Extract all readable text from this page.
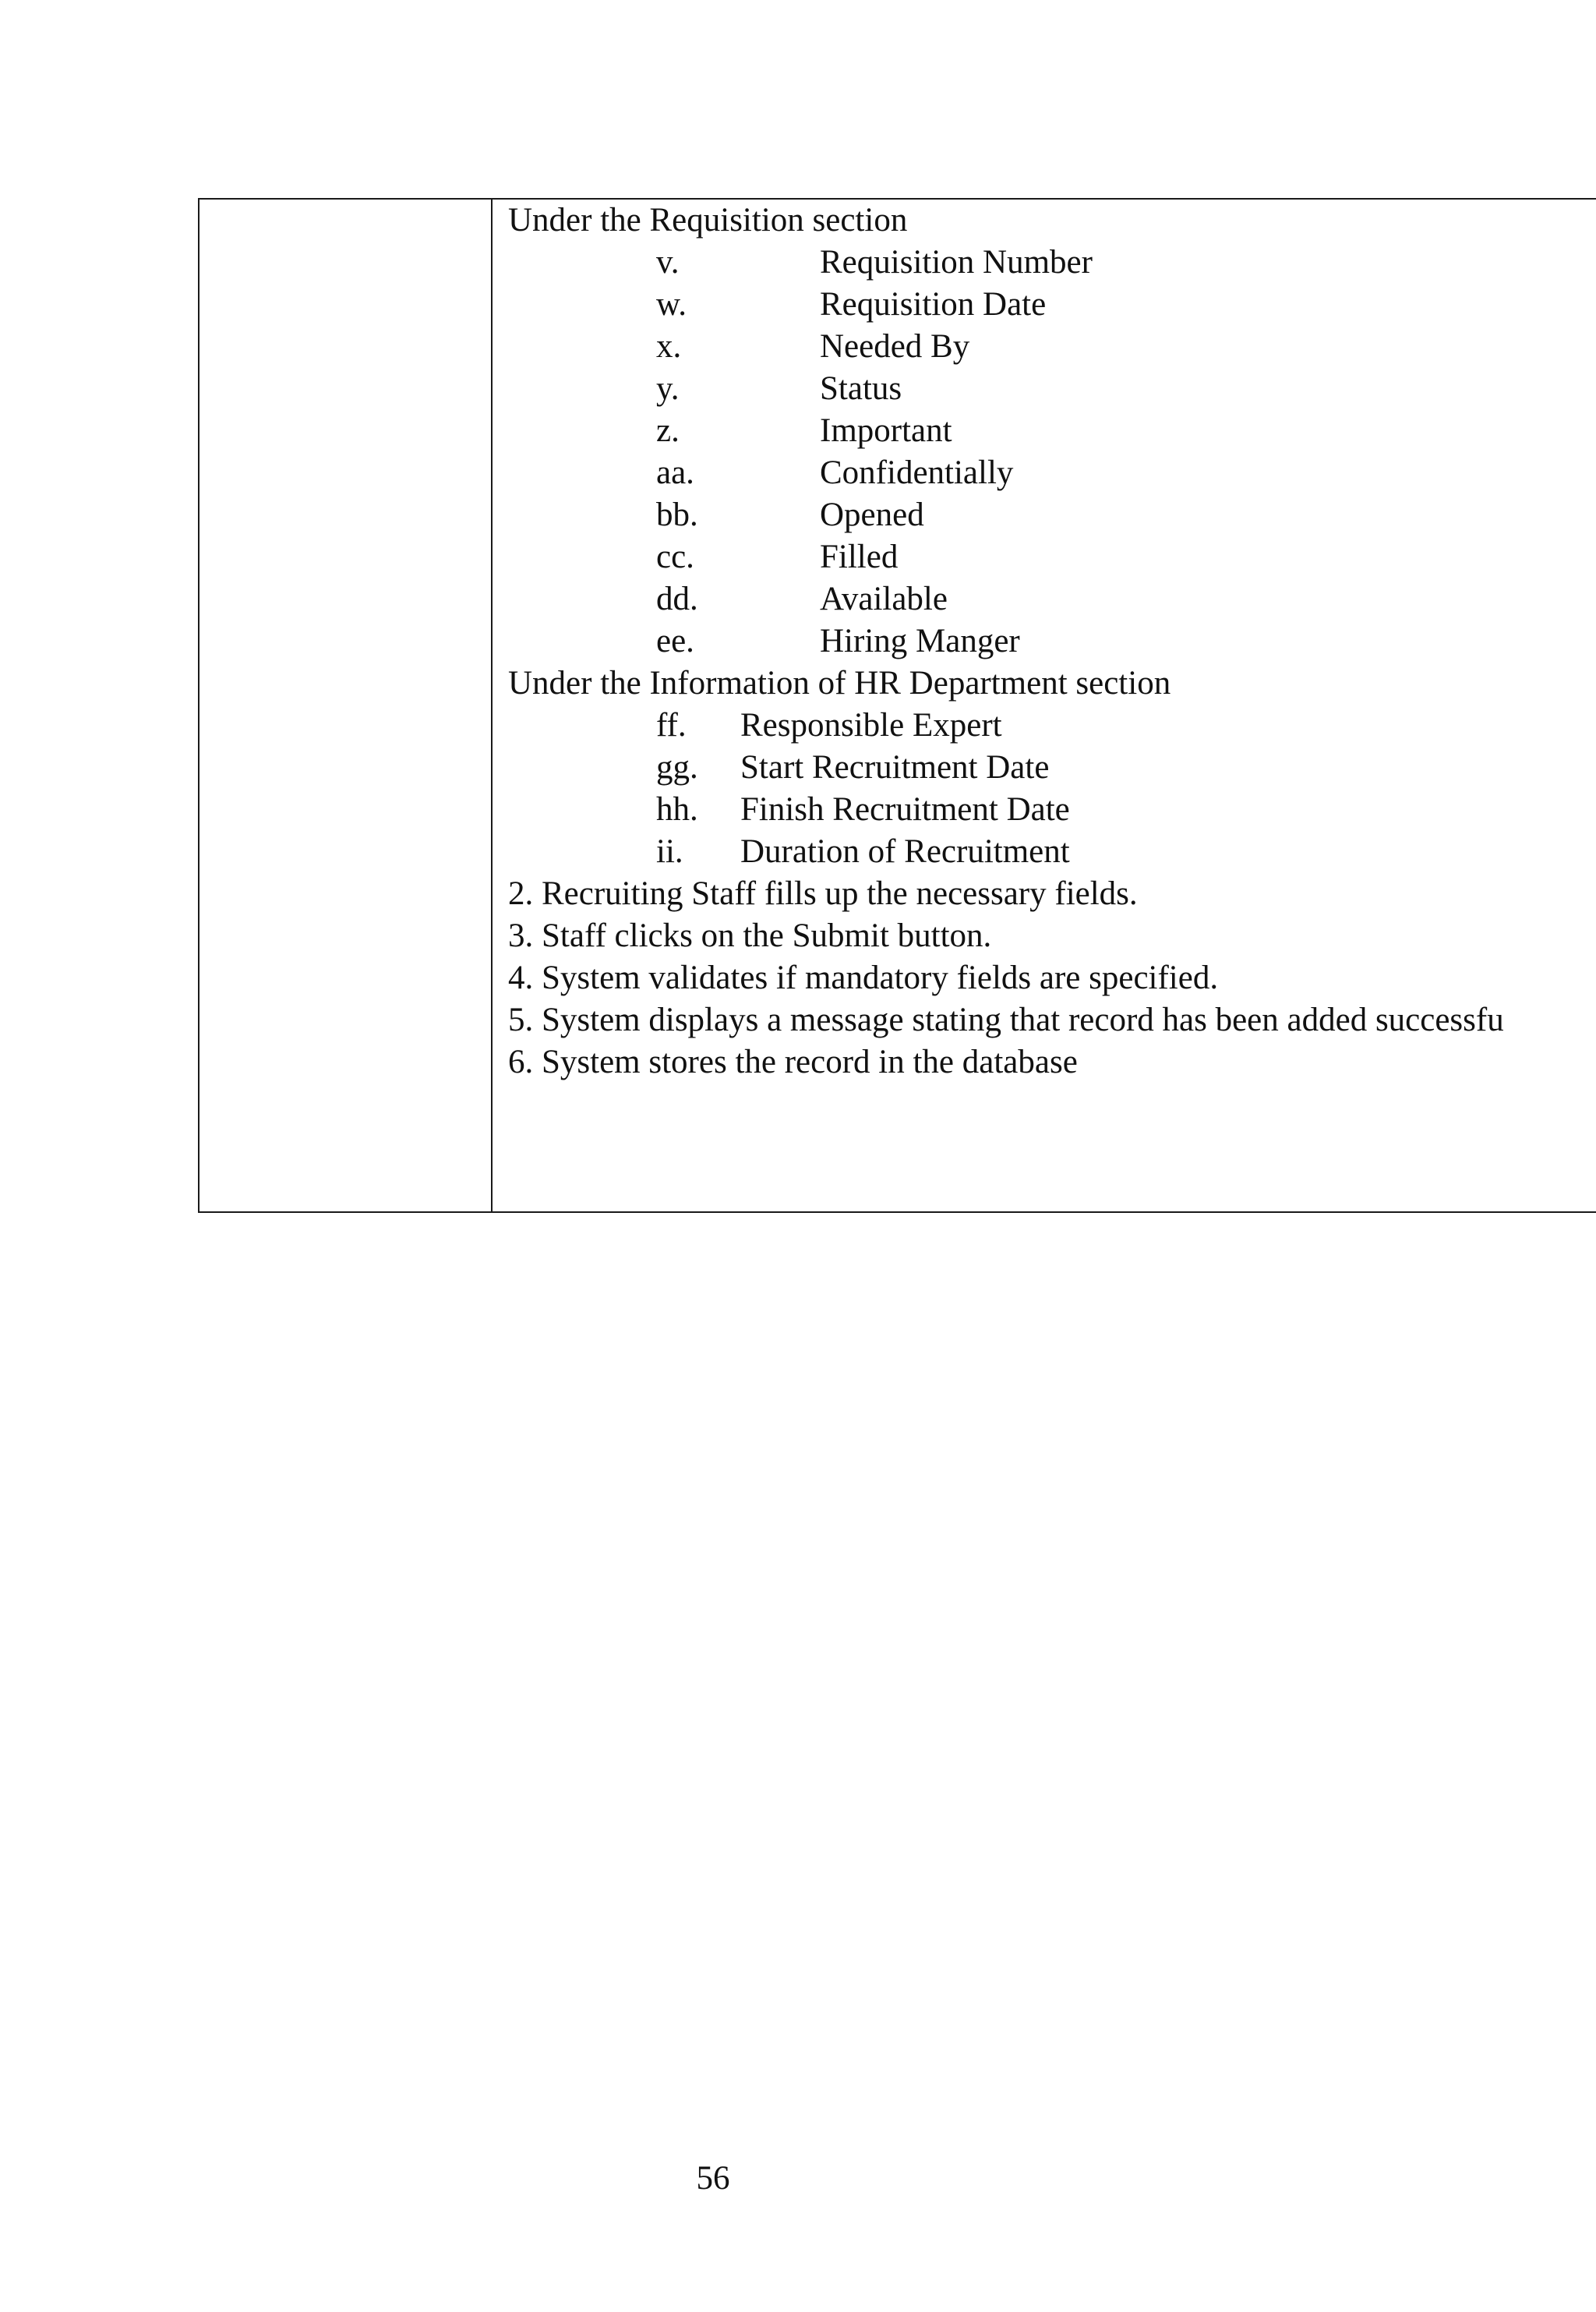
Under the Requisition section
v.	Requisition Number
w.	Requisition Date
x.	Needed By
y.	Status
z.	Important
aa.	Confidentially
bb.	Opened
cc.	Filled
dd.	Available
ee.	Hiring Manger
Under the Information of HR Department section
ff. Responsible Expert
gg. Start Recruitment Date
hh. Finish Recruitment Date
ii. Duration of Recruitment
2. Recruiting Staff fills up the necessary fields.
3. Staff clicks on the Submit button.
4. System validates if mandatory fields are specified.
5. System displays a message stating that record has been added successfu
6. System stores the record in the database
56
